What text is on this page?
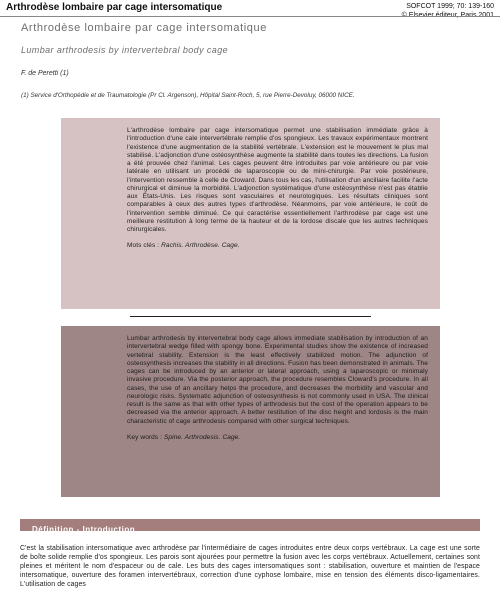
Arthrodèse lombaire par cage intersomatique	SOFCOT 1999; 70: 139-160
Arthrodèse lombaire par cage intersomatique
Lumbar arthrodesis by intervertebral body cage
F. de Peretti (1)
(1) Service d'Orthopédie et de Traumatologie (Pr Cl. Argenson), Hôpital Saint-Roch, 5, rue Pierre-Devoluy, 06000 NICE.
L'arthrodèse lombaire par cage intersomatique permet une stabilisation immédiate grâce à l'introduction d'une cale intervertébrale remplie d'os spongieux. Les travaux expérimentaux montrent l'existence d'une augmentation de la stabilité vertébrale. L'extension est le mouvement le plus mal stabilisé. L'adjonction d'une ostéosynthèse augmente la stabilité dans toutes les directions. La fusion a été prouvée chez l'animal. Les cages peuvent être introduites par voie antérieure ou par voie latérale en utilisant un procédé de laparoscopie ou de mini-chirurgie. Par voie postérieure, l'intervention ressemble à celle de Cloward. Dans tous les cas, l'utilisation d'un ancillaire facilite l'acte chirurgical et diminue la morbidité. L'adjonction systématique d'une ostéosynthèse n'est pas établie aux États-Unis. Les risques sont vasculaires et neurologiques. Les résultats cliniques sont comparables à ceux des autres types d'arthrodèse. Néanmoins, par voie antérieure, le coût de l'intervention semble diminué. Ce qui caractérise essentiellement l'arthrodèse par cage est une meilleure restitution à long terme de la hauteur et de la lordose discale que les autres techniques chirurgicales.
Mots clés : Rachis. Arthrodèse. Cage.
Lumbar arthrodesis by intervertebral body cage allows immediate stabilisation by introduction of an intervertebral wedge filled with spongy bone. Experimental studies show the existence of increased vertebral stability. Extension is the least effectively stabilized motion. The adjunction of osteosynthesis increases the stability in all directions. Fusion has been demonstrated in animals. The cages can be introduced by an anterior or lateral approach, using a laparoscopic or minimaly invasive procedure. Via the posterior approach, the procedure resembles Cloward's procedure. In all cases, the use of an ancillary helps the procedure, and decreases the morbidity and vascular and neurologic risks. Systematic adjunction of osteosynthesis is not commonly used in USA. The clinical result is the same as that with other types of arthrodesis but the cost of the operation appears to be decreased via the anterior approach. A better restitution of the disc height and lordosis is the main characteristic of cage arthrodesis compared with other surgical techniques.
Key words : Spine. Arthrodesis. Cage.
Définition - Introduction
C'est la stabilisation intersomatique avec arthrodèse par l'intermédiaire de cages introduites entre deux corps vertébraux. La cage est une sorte de boîte solide remplie d'os spongieux. Les parois sont ajourées pour permettre la fusion avec les corps vertébraux. Actuellement, certaines sont pleines et méritent le nom d'espaceur ou de cale. Les buts des cages intersomatiques sont : stabilisation, ouverture et maintien de l'espace intersomatique, ouverture des foramen intervertébraux, correction d'une cyphose lombaire, mise en tension des éléments disco-ligamentaires. L'utilisation de cages
